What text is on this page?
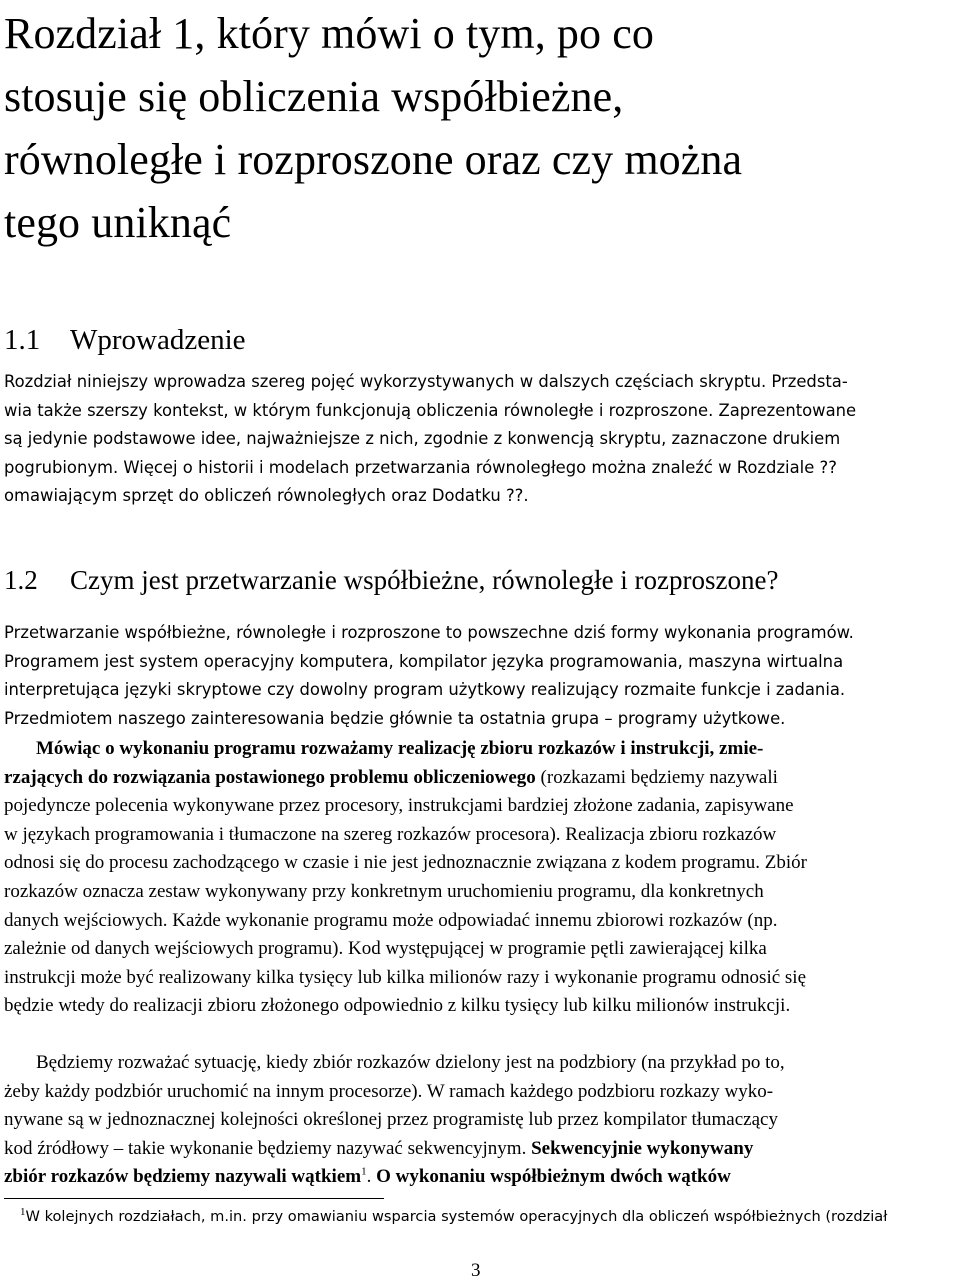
Rozdział 1, który mówi o tym, po co
stosuje się obliczenia współbieżne,
równoległe i rozproszone oraz czy można
tego uniknąć
1.1 Wprowadzenie
Rozdział niniejszy wprowadza szereg pojęć wykorzystywanych w dalszych częściach skryptu. Przedsta-
wia także szerszy kontekst, w którym funkcjonują obliczenia równoległe i rozproszone. Zaprezentowane
są jedynie podstawowe idee, najważniejsze z nich, zgodnie z konwencją skryptu, zaznaczone drukiem
pogrubionym. Więcej o historii i modelach przetwarzania równoległego można znaleźć w Rozdziale ??
omawiającym sprzęt do obliczeń równoległych oraz Dodatku ??.
1.2 Czym jest przetwarzanie współbieżne, równoległe i rozproszone?
Przetwarzanie współbieżne, równoległe i rozproszone to powszechne dziś formy wykonania programów.
Programem jest system operacyjny komputera, kompilator języka programowania, maszyna wirtualna
interpretująca języki skryptowe czy dowolny program użytkowy realizujący rozmaite funkcje i zadania.
Przedmiotem naszego zainteresowania będzie głównie ta ostatnia grupa – programy użytkowe.
Mówiąc o wykonaniu programu rozważamy realizację zbioru rozkazów i instrukcji, zmie-
rzających do rozwiązania postawionego problemu obliczeniowego (rozkazami będziemy nazywali
pojedyncze polecenia wykonywane przez procesory, instrukcjami bardziej złożone zadania, zapisywane
w językach programowania i tłumaczone na szereg rozkazów procesora). Realizacja zbioru rozkazów
odnosi się do procesu zachodzącego w czasie i nie jest jednoznacznie związana z kodem programu. Zbiór
rozkazów oznacza zestaw wykonywany przy konkretnym uruchomieniu programu, dla konkretnych
danych wejściowych. Każde wykonanie programu może odpowiadać innemu zbiorowi rozkazów (np.
zależnie od danych wejściowych programu). Kod występującej w programie pętli zawierającej kilka
instrukcji może być realizowany kilka tysięcy lub kilka milionów razy i wykonanie programu odnosić się
będzie wtedy do realizacji zbioru złożonego odpowiednio z kilku tysięcy lub kilku milionów instrukcji.
Będziemy rozważać sytuację, kiedy zbiór rozkazów dzielony jest na podzbiory (na przykład po to,
żeby każdy podzbiór uruchomić na innym procesorze). W ramach każdego podzbioru rozkazy wyko-
nywane są w jednoznacznej kolejności określonej przez programistę lub przez kompilator tłumaczący
kod źródłowy – takie wykonanie będziemy nazywać sekwencyjnym. Sekwencyjnie wykonywany
zbiór rozkazów będziemy nazywali wątkiem$^1$. O wykonaniu współbieżnym dwóch wątków
$^1$W kolejnych rozdziałach, m.in. przy omawianiu wsparcia systemów operacyjnych dla obliczeń współbieżnych (rozdział
3
